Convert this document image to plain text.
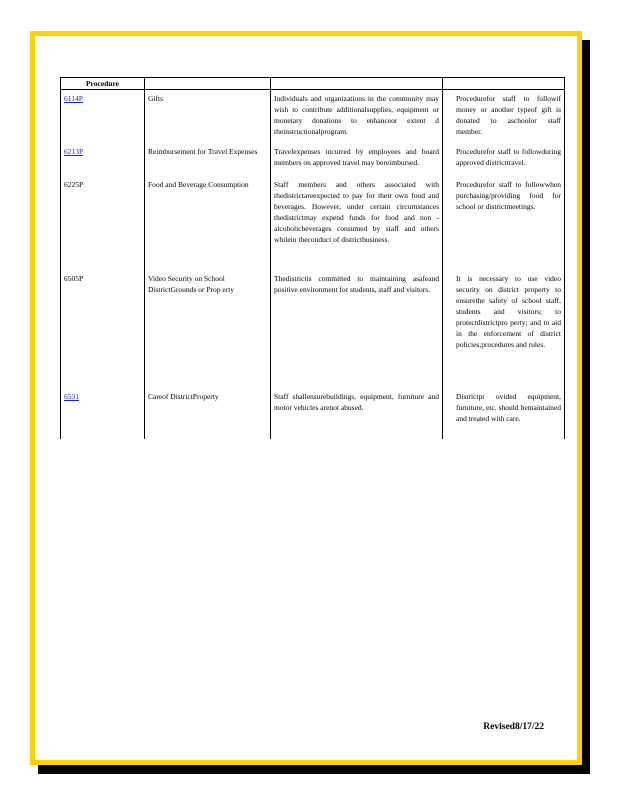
Procedure			
6114P	Gifts	Individuals and organizations in the community may wish to contribute additionalsupplies, equipment or monetary donations to enhanceor extent d theinstructionalprogram.	Procedurefor staff to followif money or another typeof gift is donated to aschoolor staff member.

6213P	Reimbursement for Travel Expenses	Travelexpenses incurred by employees and board members on approved travel may bereimbursed.	Procedurefor staff to followduring approved districttravel.

6225P	Food and Beverage Consumption	Staff members and others associated with thedistrictareexpected to pay for their own food and beverages. However, under certain circumstances thedistrictmay expend funds for food and non - alcoholicbeverages consumed by staff and others whilein theconduct of districtbusiness.	Procedurefor staff to followwhen purchasing/providing food for school or districtmeetings.

6505P	Video Security on School DistrictGrounds or Prop erty	Thedistrictis committed to maintaining asafeand positive environment for students, staff and visitors.	It is necessary to use video security on district property to ensurethe safety of school staff, students and visitors; to protectdistrictpro perty; and to aid in the enforcement of district policies,procedures and rules.

6531	Careof DistrictProperty	Staff shallensurebuildings, equipment, furniture and motor vehicles arenot abused.	Districtpr ovided equipment, furniture, etc. should bemaintained and treated with care.
Revised8/17/22
